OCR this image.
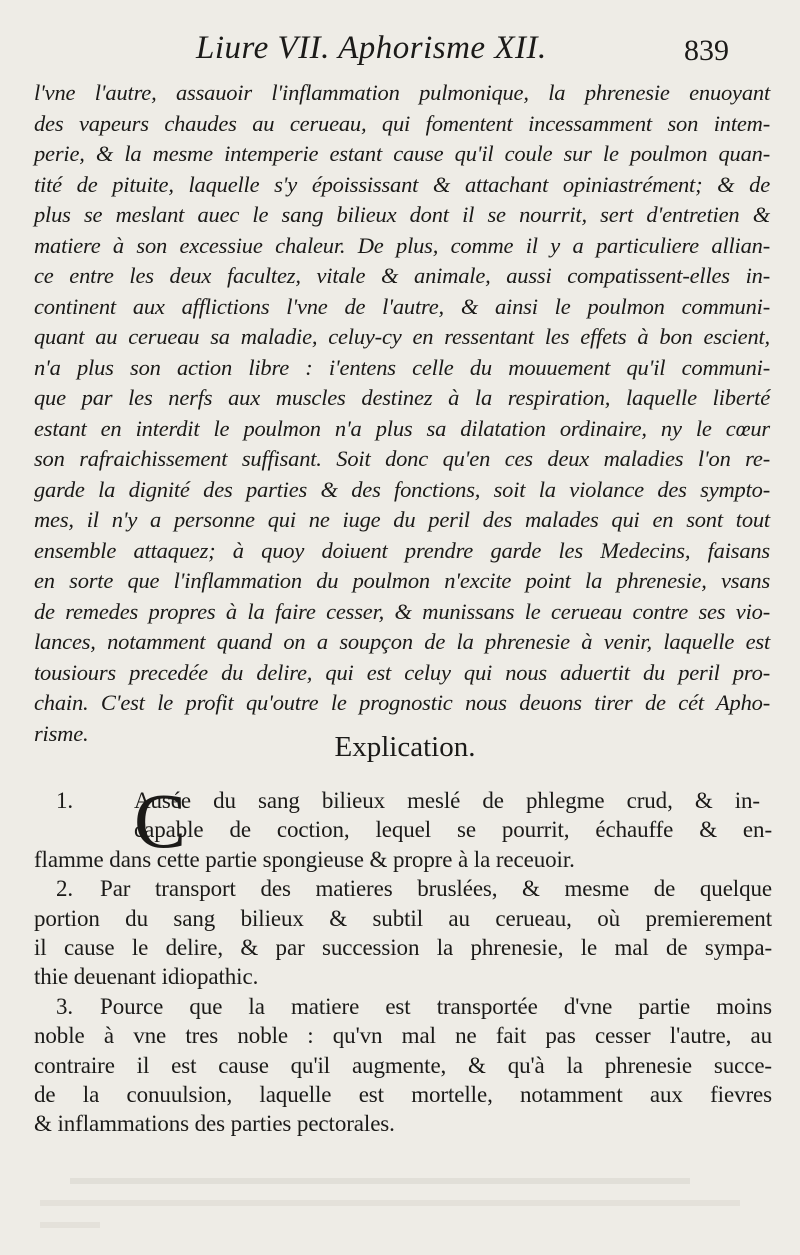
Liure VII. Aphorisme XII.	839
l'vne l'autre, assauoir l'inflammation pulmonique, la phrenesie enuoyant
des vapeurs chaudes au cerueau, qui fomentent incessamment son intem-
perie, & la mesme intemperie estant cause qu'il coule sur le poulmon quan-
tité de pituite, laquelle s'y époississant & attachant opiniastrément; & de
plus se meslant auec le sang bilieux dont il se nourrit, sert d'entretien &
matiere à son excessiue chaleur. De plus, comme il y a particuliere allian-
ce entre les deux facultez, vitale & animale, aussi compatissent-elles in-
continent aux afflictions l'vne de l'autre, & ainsi le poulmon communi-
quant au cerueau sa maladie, celuy-cy en ressentant les effets à bon escient,
n'a plus son action libre : i'entens celle du mouuement qu'il communi-
que par les nerfs aux muscles destinez à la respiration, laquelle liberté
estant en interdit le poulmon n'a plus sa dilatation ordinaire, ny le cœur
son rafraichissement suffisant. Soit donc qu'en ces deux maladies l'on re-
garde la dignité des parties & des fonctions, soit la violance des sympto-
mes, il n'y a personne qui ne iuge du peril des malades qui en sont tout
ensemble attaquez; à quoy doiuent prendre garde les Medecins, faisans
en sorte que l'inflammation du poulmon n'excite point la phrenesie, vsans
de remedes propres à la faire cesser, & munissans le cerueau contre ses vio-
lances, notamment quand on a soupçon de la phrenesie à venir, laquelle est
tousiours precedée du delire, qui est celuy qui nous aduertit du peril pro-
chain. C'est le profit qu'outre le prognostic nous deuons tirer de cét Apho-
risme.	Explication.
C
1.	Ausée du sang bilieux meslé de phlegme crud, & in-
capable de coction, lequel se pourrit, échauffe & en-
flamme dans cette partie spongieuse & propre à la receuoir.
2. Par transport des matieres bruslées, & mesme de quelque
portion du sang bilieux & subtil au cerueau, où premierement
il cause le delire, & par succession la phrenesie, le mal de sympa-
thie deuenant idiopathic.
3. Pource que la matiere est transportée d'vne partie moins
noble à vne tres noble : qu'vn mal ne fait pas cesser l'autre, au
contraire il est cause qu'il augmente, & qu'à la phrenesie succe-
de la conuulsion, laquelle est mortelle, notamment aux fievres
& inflammations des parties pectorales.
